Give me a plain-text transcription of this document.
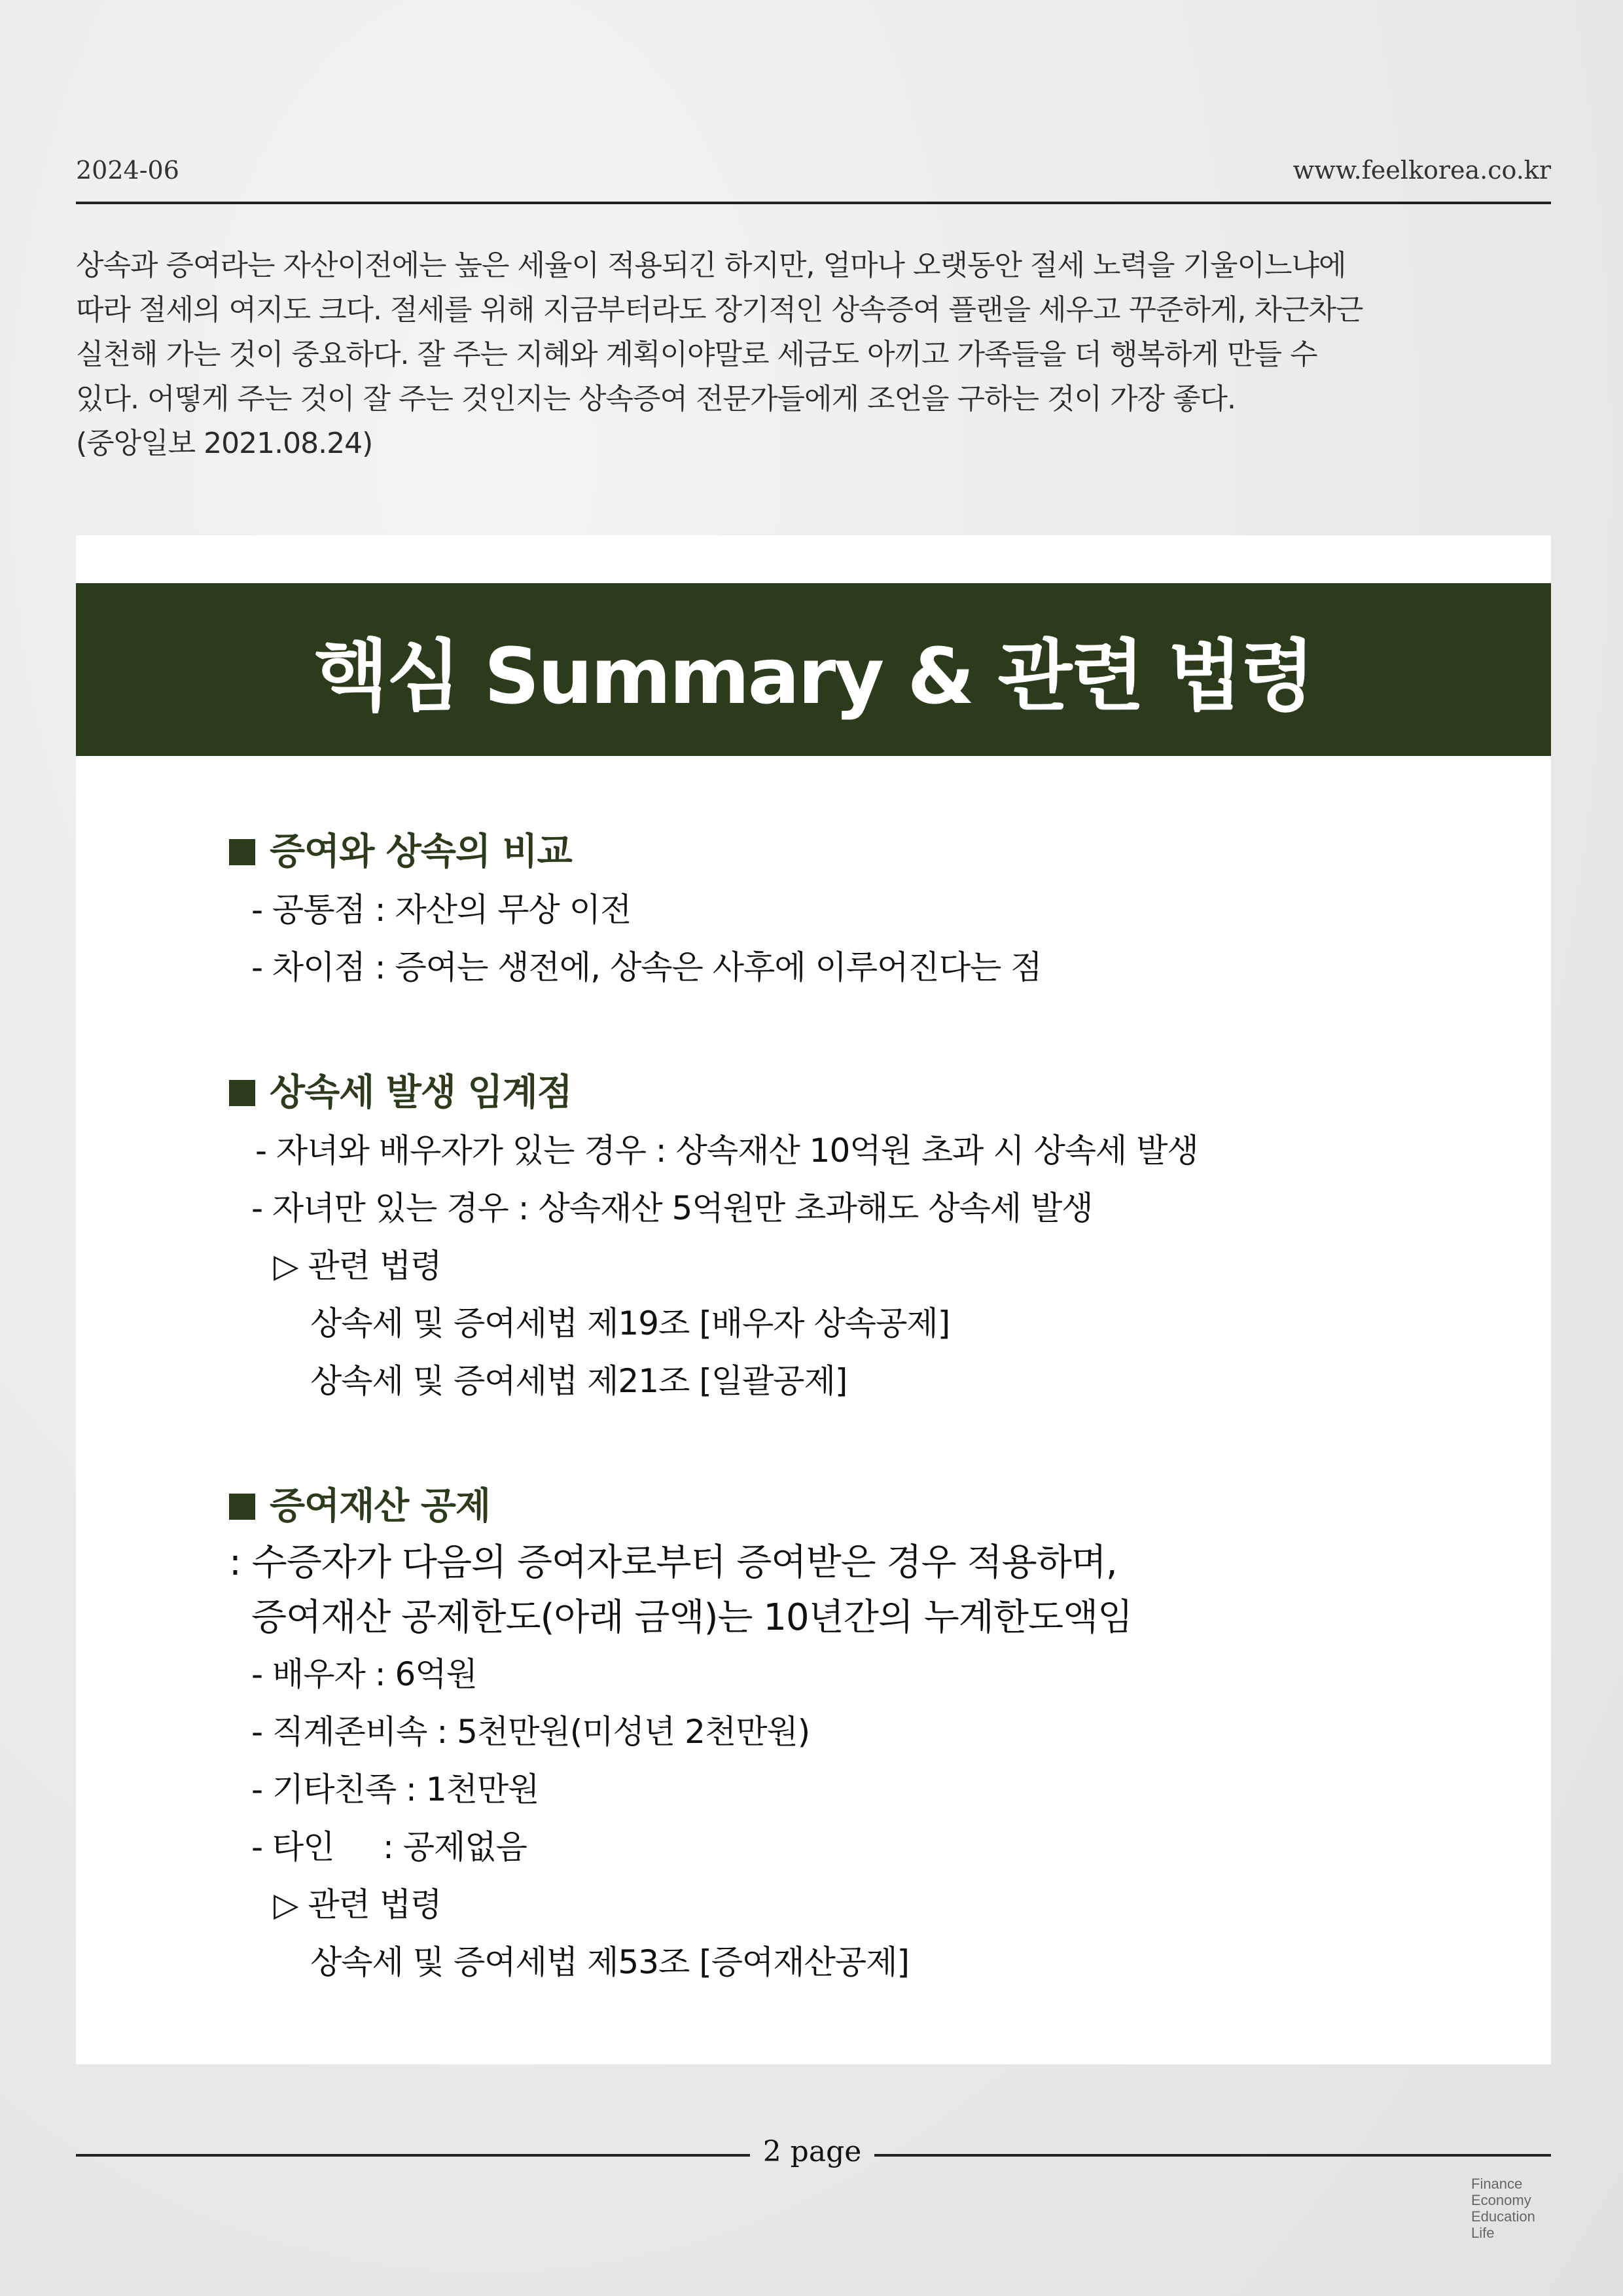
2024-06	www.feelkorea.co.kr
상속과 증여라는 자산이전에는 높은 세율이 적용되긴 하지만, 얼마나 오랫동안 절세 노력을 기울이느냐에
따라 절세의 여지도 크다. 절세를 위해 지금부터라도 장기적인 상속증여 플랜을 세우고 꾸준하게, 차근차근
실천해 가는 것이 중요하다. 잘 주는 지혜와 계획이야말로 세금도 아끼고 가족들을 더 행복하게 만들 수
있다. 어떻게 주는 것이 잘 주는 것인지는 상속증여 전문가들에게 조언을 구하는 것이 가장 좋다.
(중앙일보 2021.08.24)
핵심 Summary & 관련 법령
증여와 상속의 비교
- 공통점 : 자산의 무상 이전
- 차이점 : 증여는 생전에, 상속은 사후에 이루어진다는 점
상속세 발생 임계점
- 자녀와 배우자가 있는 경우 : 상속재산 10억원 초과 시 상속세 발생
- 자녀만 있는 경우 : 상속재산 5억원만 초과해도 상속세 발생
▷ 관련 법령
상속세 및 증여세법 제19조 [배우자 상속공제]
상속세 및 증여세법 제21조 [일괄공제]
증여재산 공제
: 수증자가 다음의 증여자로부터 증여받은 경우 적용하며,
증여재산 공제한도(아래 금액)는 10년간의 누계한도액임
- 배우자 : 6억원
- 직계존비속 : 5천만원(미성년 2천만원)
- 기타친족 : 1천만원
- 타인     : 공제없음
▷ 관련 법령
상속세 및 증여세법 제53조 [증여재산공제]
2 page
Finance
Economy
Education
Life
